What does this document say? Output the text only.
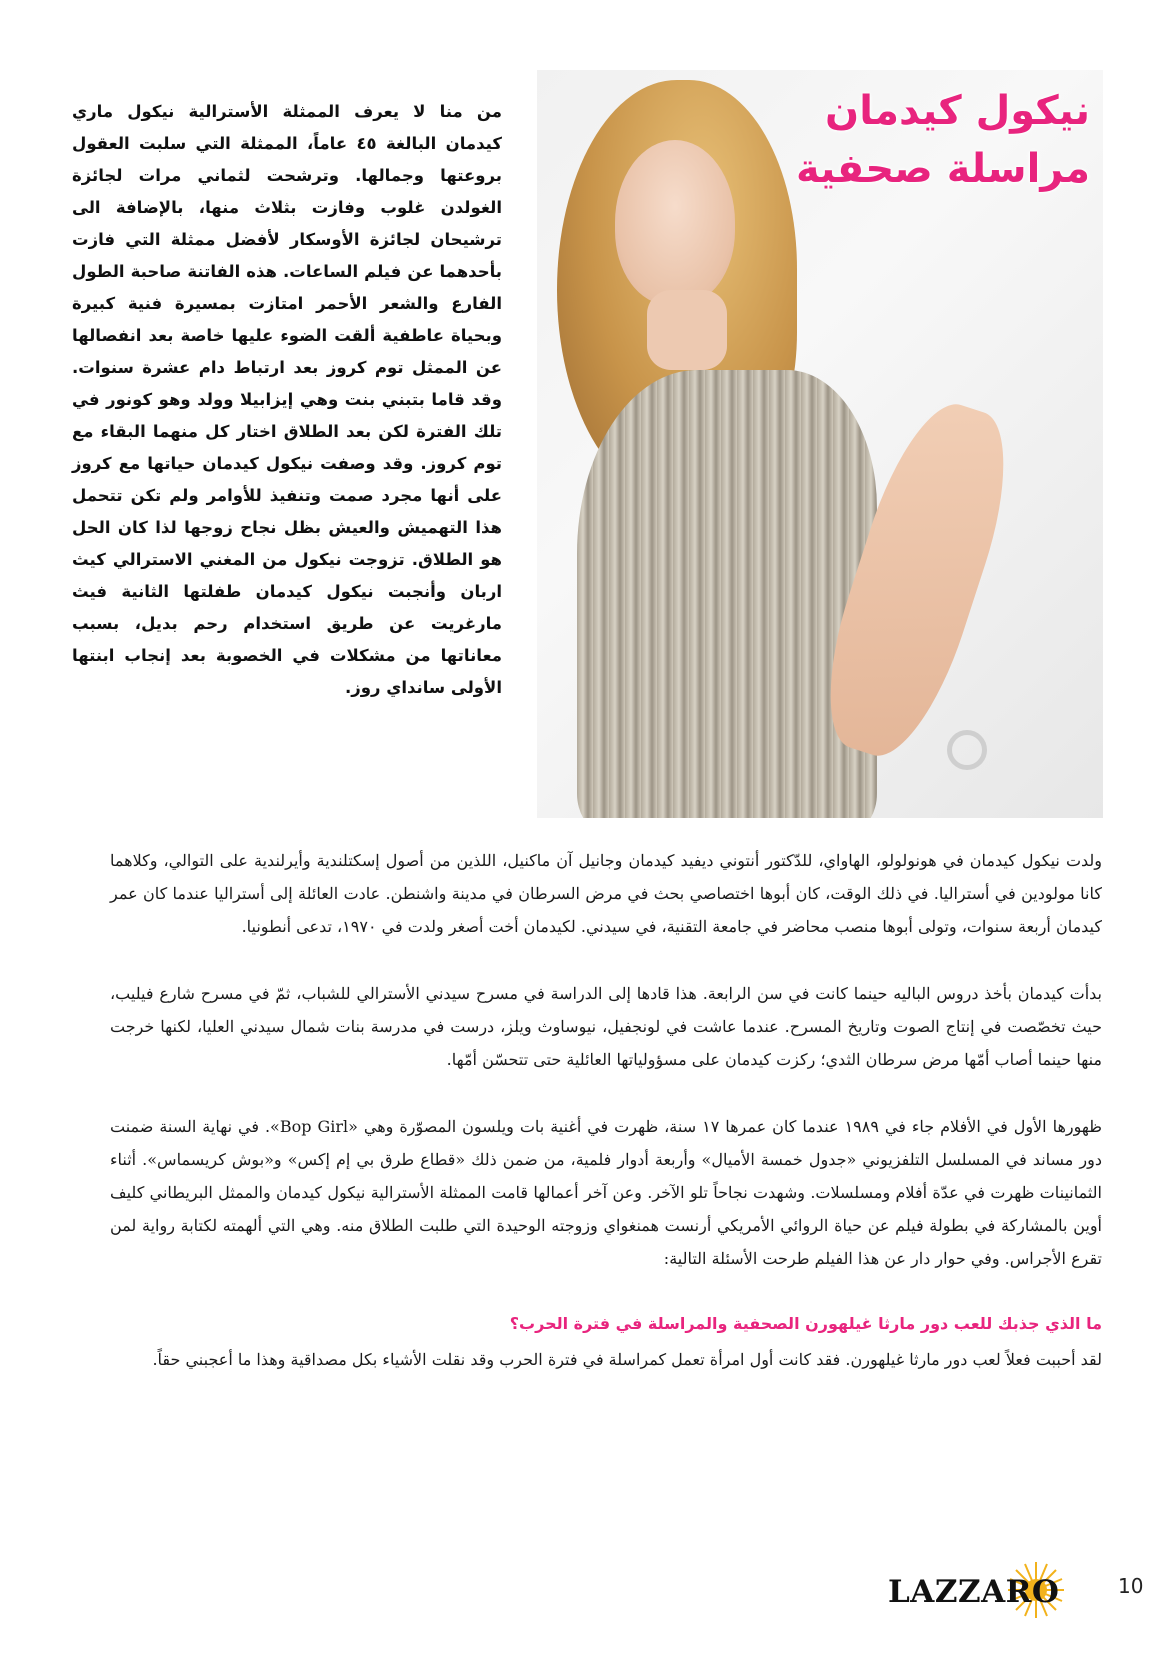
نيكول كيدمان
مراسلة صحفية

من منا لا يعرف الممثلة الأسترالية نيكول ماري كيدمان البالغة ٤٥ عاماً، الممثلة التي سلبت العقول بروعتها وجمالها. وترشحت لثماني مرات لجائزة الغولدن غلوب وفازت بثلاث منها، بالإضافة الى ترشيحان لجائزة الأوسكار لأفضل ممثلة التي فازت بأحدهما عن فيلم الساعات. هذه الفاتنة صاحبة الطول الفارع والشعر الأحمر امتازت بمسيرة فنية كبيرة وبحياة عاطفية ألقت الضوء عليها خاصة بعد انفصالها عن الممثل توم كروز بعد ارتباط دام عشرة سنوات. وقد قاما بتبني بنت وهي إيزابيلا وولد وهو كونور في تلك الفترة لكن بعد الطلاق اختار كل منهما البقاء مع توم كروز. وقد وصفت نيكول كيدمان حياتها مع كروز على أنها مجرد صمت وتنفيذ للأوامر ولم تكن تتحمل هذا التهميش والعيش بظل نجاح زوجها لذا كان الحل هو الطلاق. تزوجت نيكول من المغني الاسترالي كيث اربان وأنجبت نيكول كيدمان طفلتها الثانية فيث مارغريت عن طريق استخدام رحم بديل، بسبب معاناتها من مشكلات في الخصوبة بعد إنجاب ابنتها الأولى سانداي روز.

ولدت نيكول كيدمان في هونولولو، الهاواي، للدّكتور أنتوني ديفيد كيدمان وجانيل آن ماكنيل، اللذين من أصول إسكتلندية وأيرلندية على التوالي، وكلاهما كانا مولودين في أستراليا. في ذلك الوقت، كان أبوها اختصاصي بحث في مرض السرطان في مدينة واشنطن. عادت العائلة إلى أستراليا عندما كان عمر كيدمان أربعة سنوات، وتولى أبوها منصب محاضر في جامعة التقنية، في سيدني. لكيدمان أخت أصغر ولدت في ١٩٧٠، تدعى أنطونيا.

بدأت كيدمان بأخذ دروس الباليه حينما كانت في سن الرابعة. هذا قادها إلى الدراسة في مسرح سيدني الأسترالي للشباب، ثمّ في مسرح شارع فيليب، حيث تخصّصت في إنتاج الصوت وتاريخ المسرح. عندما عاشت في لونجفيل، نيوساوث ويلز، درست في مدرسة بنات شمال سيدني العليا، لكنها خرجت منها حينما أصاب أمّها مرض سرطان الثدي؛ ركزت كيدمان على مسؤولياتها العائلية حتى تتحسّن أمّها.

ظهورها الأول في الأفلام جاء في ١٩٨٩ عندما كان عمرها ١٧ سنة، ظهرت في أغنية بات ويلسون المصوّرة وهي «Bop Girl». في نهاية السنة ضمنت دور مساند في المسلسل التلفزيوني «جدول خمسة الأميال» وأربعة أدوار فلمية، من ضمن ذلك «قطاع طرق بي إم إكس» و«بوش كريسماس». أثناء الثمانينات ظهرت في عدّة أفلام ومسلسلات. وشهدت نجاحاً تلو الآخر. وعن آخر أعمالها قامت الممثلة الأسترالية نيكول كيدمان والممثل البريطاني كليف أوين بالمشاركة في بطولة فيلم عن حياة الروائي الأمريكي أرنست همنغواي وزوجته الوحيدة التي طلبت الطلاق منه. وهي التي ألهمته لكتابة رواية لمن تقرع الأجراس. وفي حوار دار عن هذا الفيلم طرحت الأسئلة التالية:

ما الذي جذبك للعب دور مارثا غيلهورن الصحفية والمراسلة في فترة الحرب؟

لقد أحببت فعلاً لعب دور مارثا غيلهورن. فقد كانت أول امرأة تعمل كمراسلة في فترة الحرب وقد نقلت الأشياء بكل مصداقية وهذا ما أعجبني حقاً.

LAZZARO	10
